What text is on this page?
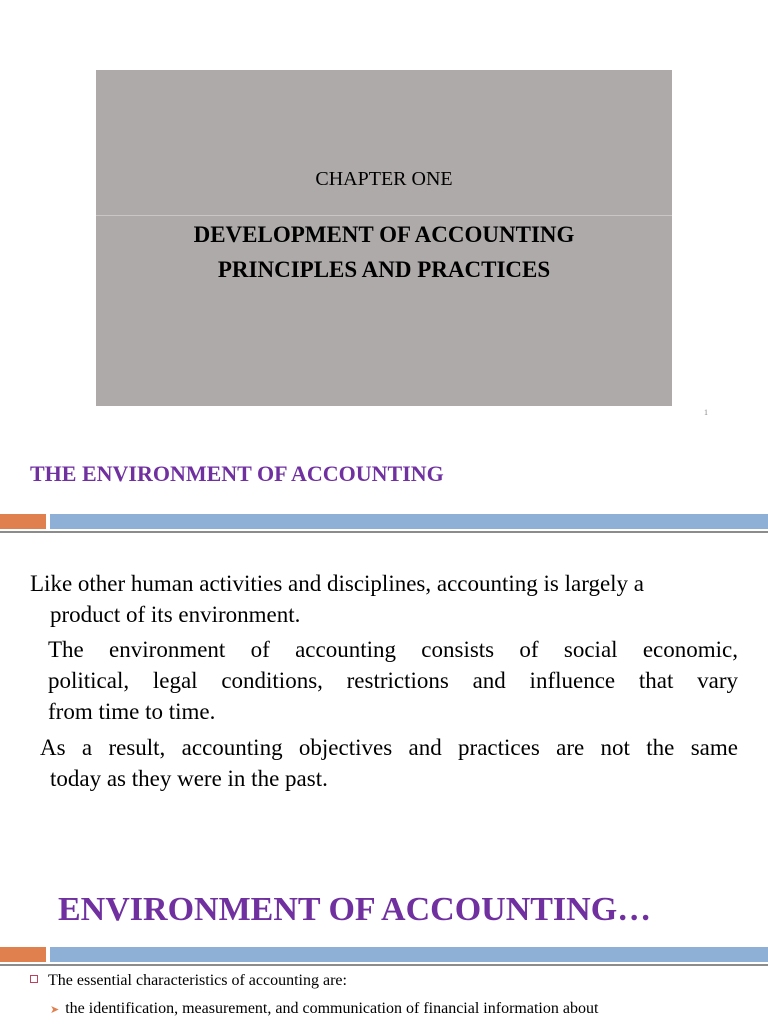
CHAPTER ONE
DEVELOPMENT OF ACCOUNTING
PRINCIPLES AND PRACTICES
1
THE ENVIRONMENT OF ACCOUNTING
Like other human activities and disciplines, accounting is largely a
product of its environment.
The environment of accounting consists of social economic,
political, legal conditions, restrictions and influence that vary
from time to time.
As a result, accounting objectives and practices are not the same
today as they were in the past.
ENVIRONMENT OF ACCOUNTING…
The essential characteristics of accounting are:
➤ the identification, measurement, and communication of financial information about
